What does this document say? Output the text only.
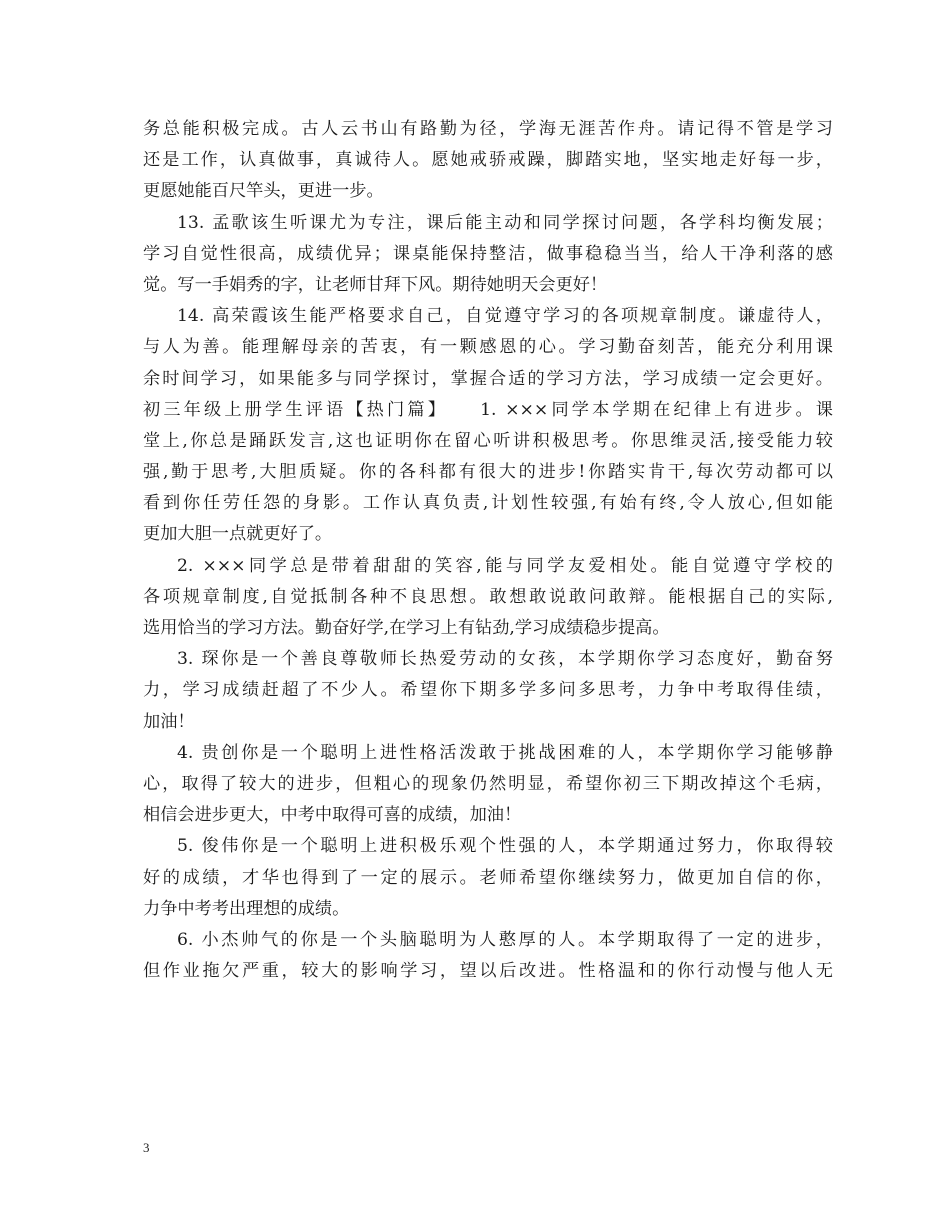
务总能积极完成。古人云书山有路勤为径，学海无涯苦作舟。请记得不管是学习
还是工作，认真做事，真诚待人。愿她戒骄戒躁，脚踏实地，坚实地走好每一步，
更愿她能百尺竿头，更进一步。
13. 孟歌该生听课尤为专注，课后能主动和同学探讨问题，各学科均衡发展；
学习自觉性很高，成绩优异；课桌能保持整洁，做事稳稳当当，给人干净利落的感
觉。写一手娟秀的字，让老师甘拜下风。期待她明天会更好！
14. 高荣霞该生能严格要求自己，自觉遵守学习的各项规章制度。谦虚待人，
与人为善。能理解母亲的苦衷，有一颗感恩的心。学习勤奋刻苦，能充分利用课
余时间学习，如果能多与同学探讨，掌握合适的学习方法，学习成绩一定会更好。
初三年级上册学生评语【热门篇】　　1. ×××同学本学期在纪律上有进步。课
堂上,你总是踊跃发言,这也证明你在留心听讲积极思考。你思维灵活,接受能力较
强,勤于思考,大胆质疑。你的各科都有很大的进步!你踏实肯干,每次劳动都可以
看到你任劳任怨的身影。工作认真负责,计划性较强,有始有终,令人放心,但如能
更加大胆一点就更好了。
2. ×××同学总是带着甜甜的笑容,能与同学友爱相处。能自觉遵守学校的
各项规章制度,自觉抵制各种不良思想。敢想敢说敢问敢辩。能根据自己的实际,
选用恰当的学习方法。勤奋好学,在学习上有钻劲,学习成绩稳步提高。
3. 琛你是一个善良尊敬师长热爱劳动的女孩，本学期你学习态度好，勤奋努
力，学习成绩赶超了不少人。希望你下期多学多问多思考，力争中考取得佳绩，
加油！
4. 贵创你是一个聪明上进性格活泼敢于挑战困难的人，本学期你学习能够静
心，取得了较大的进步，但粗心的现象仍然明显，希望你初三下期改掉这个毛病，
相信会进步更大，中考中取得可喜的成绩，加油！
5. 俊伟你是一个聪明上进积极乐观个性强的人，本学期通过努力，你取得较
好的成绩，才华也得到了一定的展示。老师希望你继续努力，做更加自信的你，
力争中考考出理想的成绩。
6. 小杰帅气的你是一个头脑聪明为人憨厚的人。本学期取得了一定的进步，
但作业拖欠严重，较大的影响学习，望以后改进。性格温和的你行动慢与他人无
3
